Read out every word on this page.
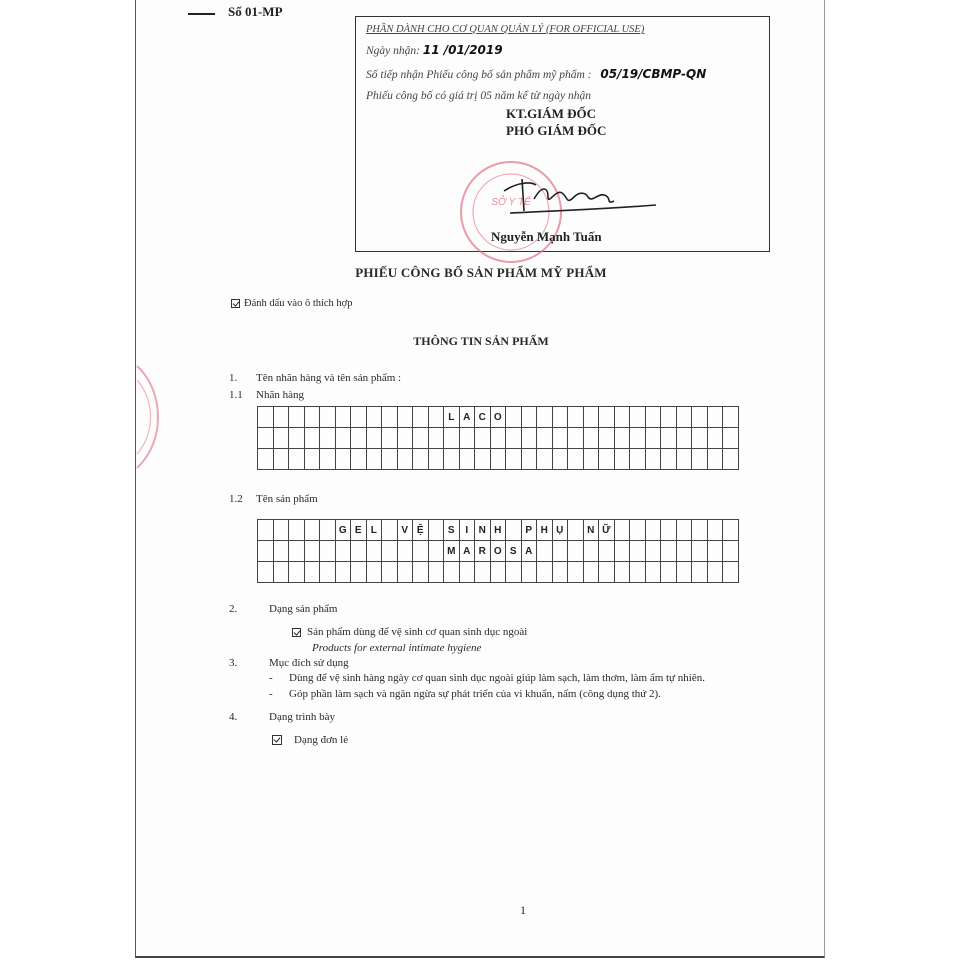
Số 01-MP
PHẦN DÀNH CHO CƠ QUAN QUẢN LÝ (FOR OFFICIAL USE)
Ngày nhận: 11 /01/2019
Số tiếp nhận Phiếu công bố sản phẩm mỹ phẩm : 05/19/CBMP-QN
Phiếu công bố có giá trị 05 năm kể từ ngày nhận
KT.GIÁM ĐỐC
PHÓ GIÁM ĐỐC
SỞ Y TẾ
Nguyễn Mạnh Tuấn
PHIẾU CÔNG BỐ SẢN PHẨM MỸ PHẨM
Đánh dấu vào ô thích hợp
THÔNG TIN SẢN PHẨM
1. Tên nhãn hàng và tên sản phẩm :
1.1 Nhãn hàng
												L	A	C	O															

1.2 Tên sản phẩm
					G	E	L		V	Ệ		S	I	N	H		P	H	Ụ		N	Ữ								
												M	A	R	O	S	A													

2.	Dạng sản phẩm
Sản phẩm dùng để vệ sinh cơ quan sinh dục ngoài
Products for external intimate hygiene
3.	Mục đích sử dụng
- Dùng để vệ sinh hàng ngày cơ quan sinh dục ngoài giúp làm sạch, làm thơm, làm ẩm tự nhiên.
- Góp phần làm sạch và ngăn ngừa sự phát triển của vi khuẩn, nấm (công dụng thứ 2).
4.	Dạng trình bày
Dạng đơn lẻ
1
